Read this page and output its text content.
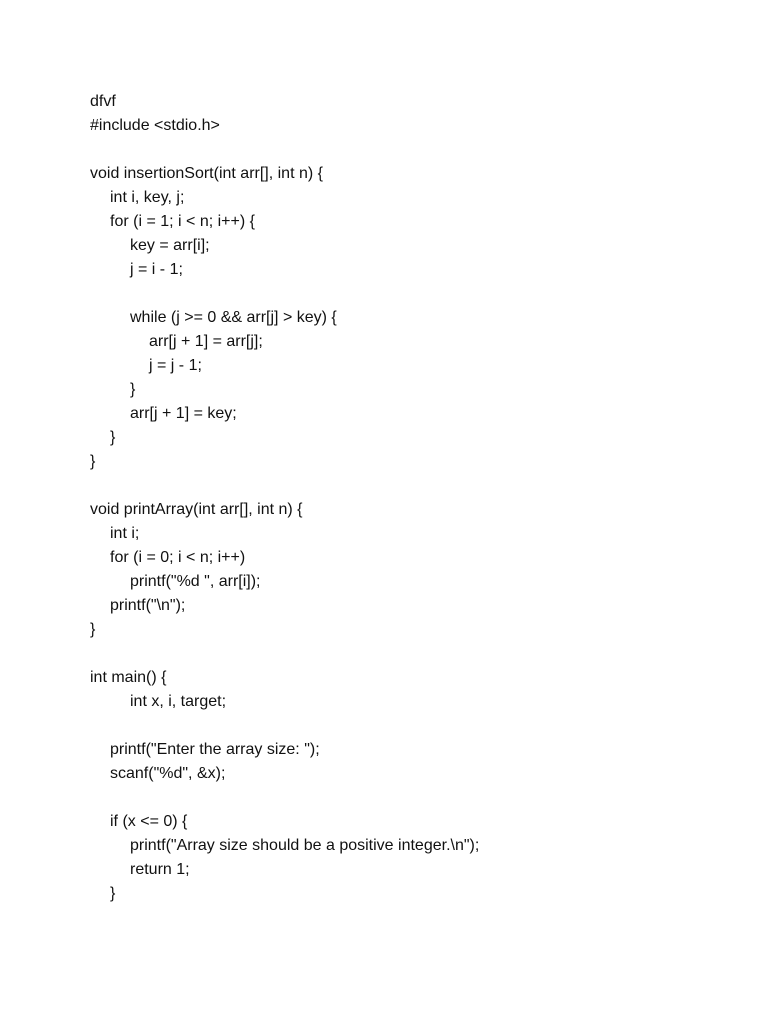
dfvf
#include <stdio.h>
void insertionSort(int arr[], int n) {
int i, key, j;
for (i = 1; i < n; i++) {
key = arr[i];
j = i - 1;
while (j >= 0 && arr[j] > key) {
arr[j + 1] = arr[j];
j = j - 1;
}
arr[j + 1] = key;
}
}
void printArray(int arr[], int n) {
int i;
for (i = 0; i < n; i++)
printf("%d ", arr[i]);
printf("\n");
}
int main() {
int x, i, target;
printf("Enter the array size: ");
scanf("%d", &x);
if (x <= 0) {
printf("Array size should be a positive integer.\n");
return 1;
}
